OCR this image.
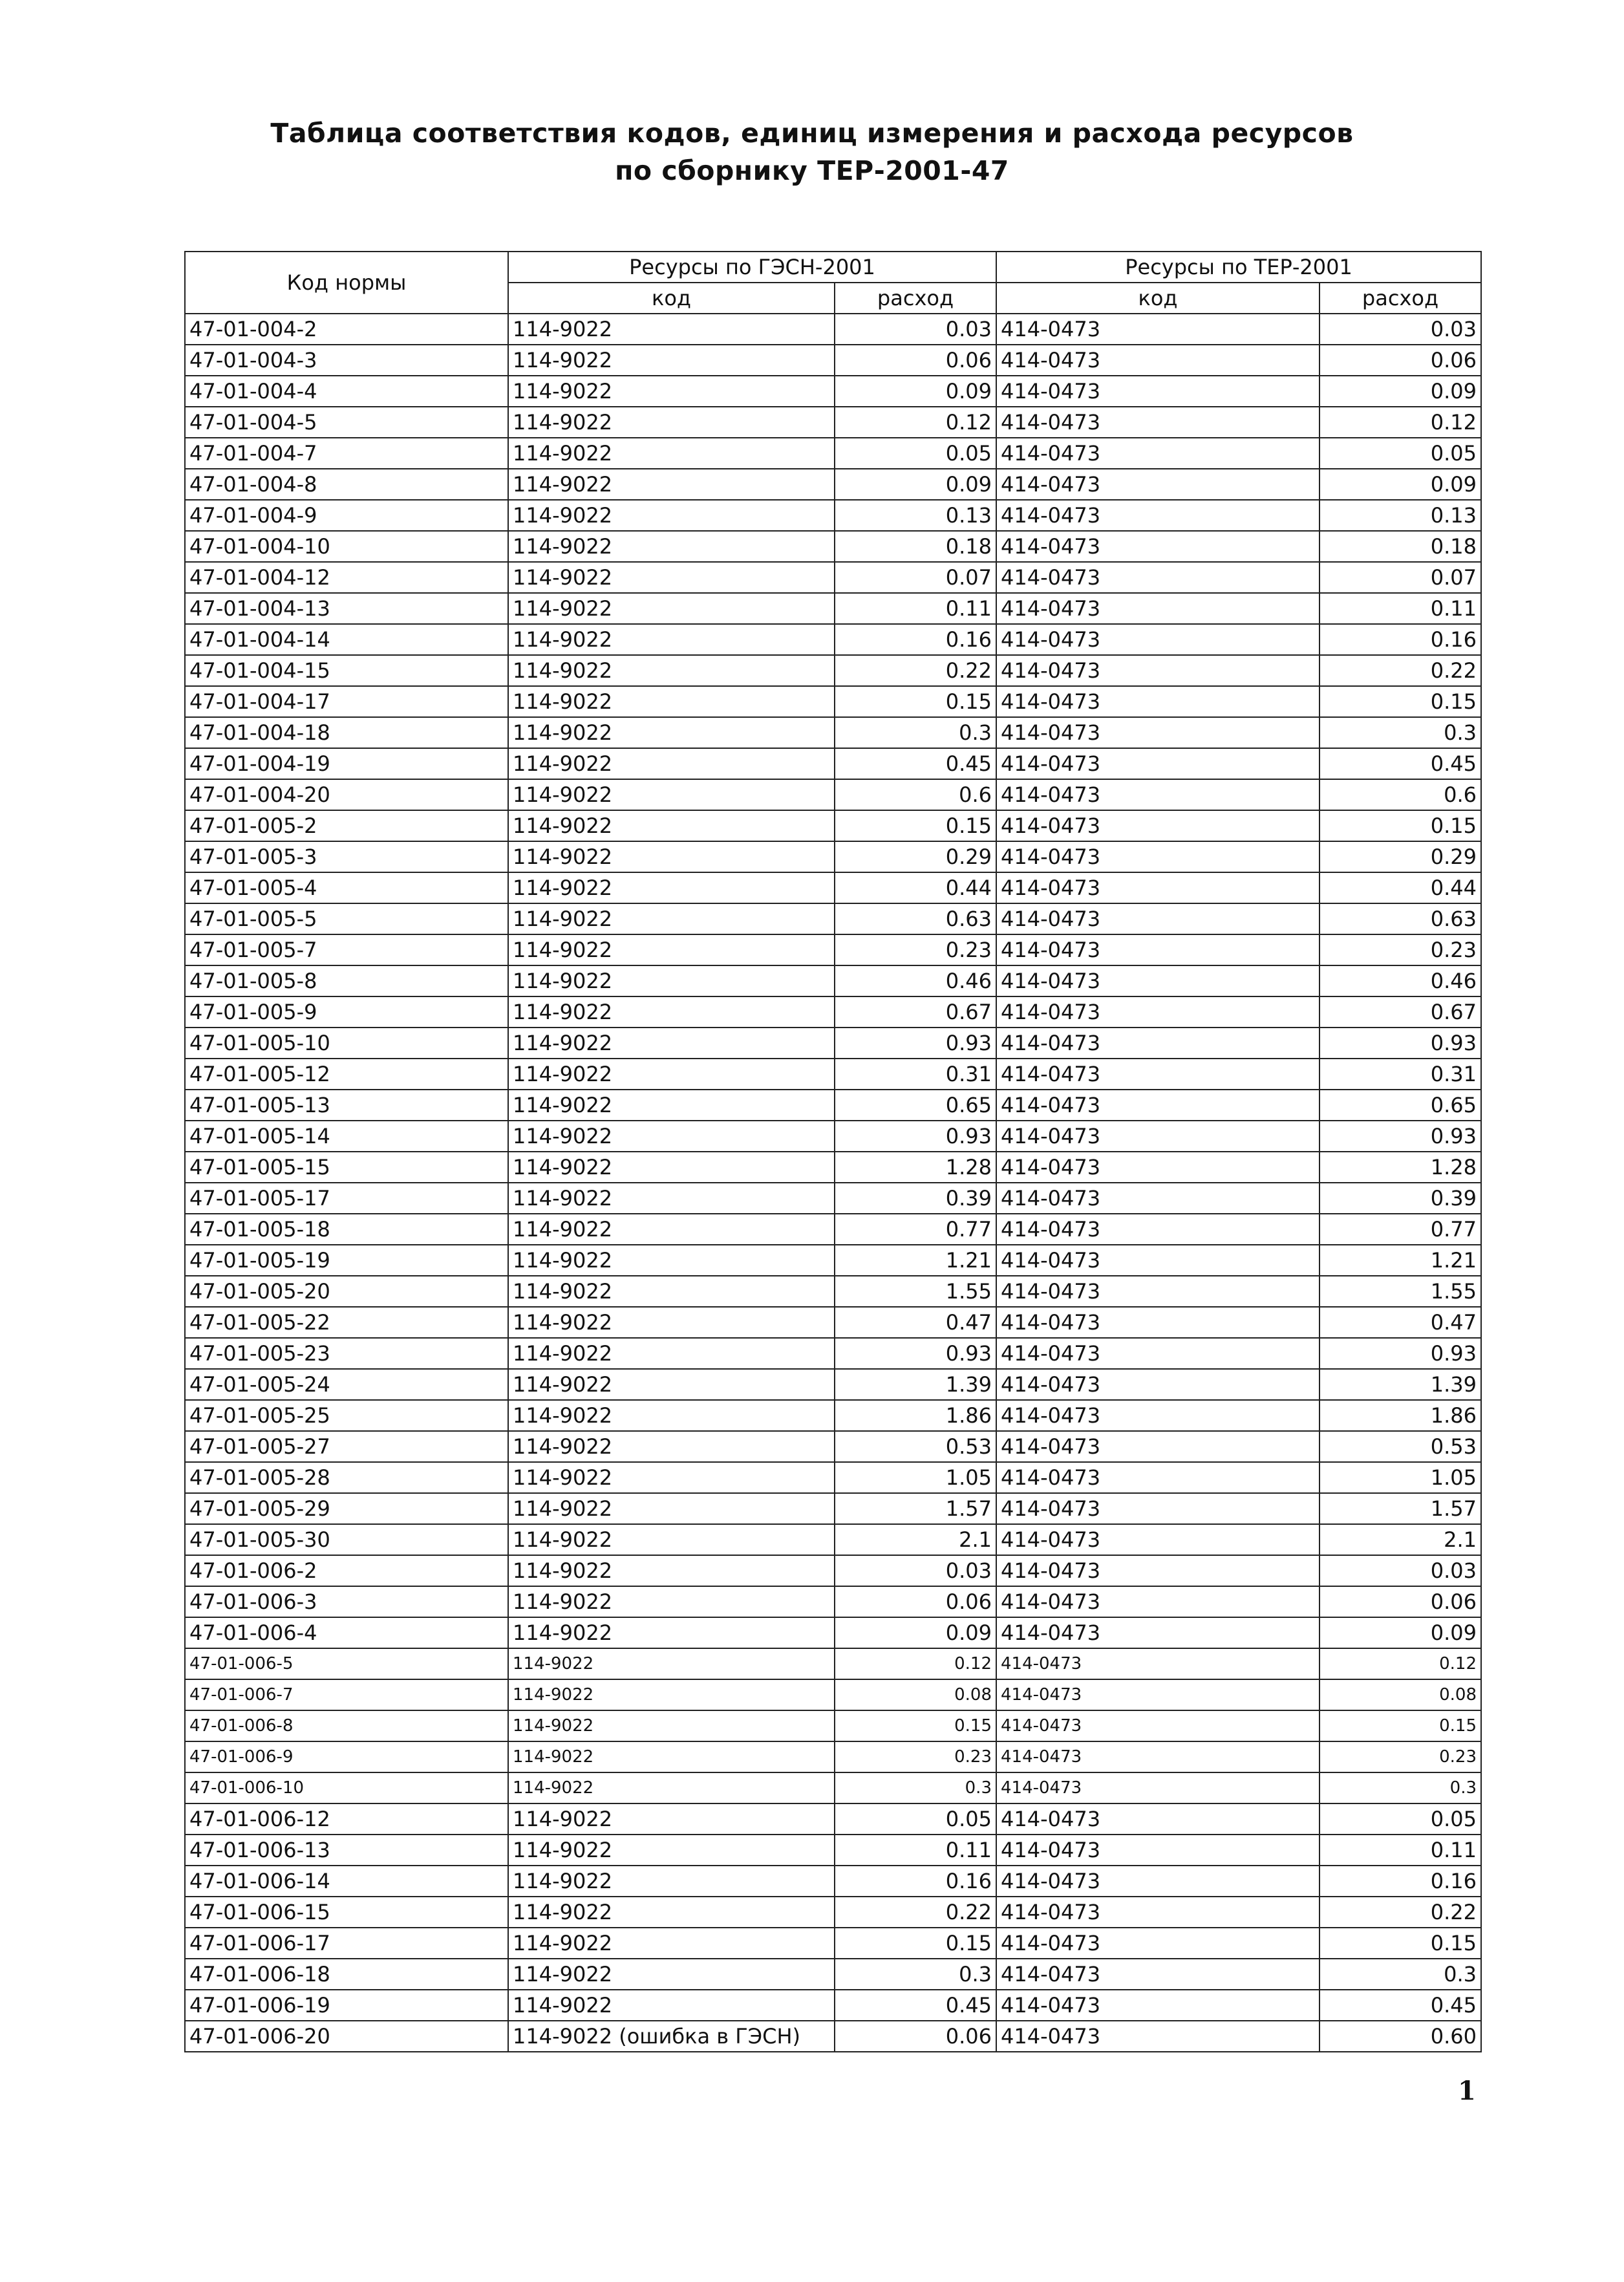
Таблица соответствия кодов, единиц измерения и расхода ресурсов
по сборнику ТЕР-2001-47
Код нормы	Ресурсы по ГЭСН-2001		Ресурсы по ТЕР-2001	
	код	расход	код	расход
47-01-004-2	114-9022	0.03	414-0473	0.03
47-01-004-3	114-9022	0.06	414-0473	0.06
47-01-004-4	114-9022	0.09	414-0473	0.09
47-01-004-5	114-9022	0.12	414-0473	0.12
47-01-004-7	114-9022	0.05	414-0473	0.05
47-01-004-8	114-9022	0.09	414-0473	0.09
47-01-004-9	114-9022	0.13	414-0473	0.13
47-01-004-10	114-9022	0.18	414-0473	0.18
47-01-004-12	114-9022	0.07	414-0473	0.07
47-01-004-13	114-9022	0.11	414-0473	0.11
47-01-004-14	114-9022	0.16	414-0473	0.16
47-01-004-15	114-9022	0.22	414-0473	0.22
47-01-004-17	114-9022	0.15	414-0473	0.15
47-01-004-18	114-9022	0.3	414-0473	0.3
47-01-004-19	114-9022	0.45	414-0473	0.45
47-01-004-20	114-9022	0.6	414-0473	0.6
47-01-005-2	114-9022	0.15	414-0473	0.15
47-01-005-3	114-9022	0.29	414-0473	0.29
47-01-005-4	114-9022	0.44	414-0473	0.44
47-01-005-5	114-9022	0.63	414-0473	0.63
47-01-005-7	114-9022	0.23	414-0473	0.23
47-01-005-8	114-9022	0.46	414-0473	0.46
47-01-005-9	114-9022	0.67	414-0473	0.67
47-01-005-10	114-9022	0.93	414-0473	0.93
47-01-005-12	114-9022	0.31	414-0473	0.31
47-01-005-13	114-9022	0.65	414-0473	0.65
47-01-005-14	114-9022	0.93	414-0473	0.93
47-01-005-15	114-9022	1.28	414-0473	1.28
47-01-005-17	114-9022	0.39	414-0473	0.39
47-01-005-18	114-9022	0.77	414-0473	0.77
47-01-005-19	114-9022	1.21	414-0473	1.21
47-01-005-20	114-9022	1.55	414-0473	1.55
47-01-005-22	114-9022	0.47	414-0473	0.47
47-01-005-23	114-9022	0.93	414-0473	0.93
47-01-005-24	114-9022	1.39	414-0473	1.39
47-01-005-25	114-9022	1.86	414-0473	1.86
47-01-005-27	114-9022	0.53	414-0473	0.53
47-01-005-28	114-9022	1.05	414-0473	1.05
47-01-005-29	114-9022	1.57	414-0473	1.57
47-01-005-30	114-9022	2.1	414-0473	2.1
47-01-006-2	114-9022	0.03	414-0473	0.03
47-01-006-3	114-9022	0.06	414-0473	0.06
47-01-006-4	114-9022	0.09	414-0473	0.09
47-01-006-5	114-9022	0.12	414-0473	0.12
47-01-006-7	114-9022	0.08	414-0473	0.08
47-01-006-8	114-9022	0.15	414-0473	0.15
47-01-006-9	114-9022	0.23	414-0473	0.23
47-01-006-10	114-9022	0.3	414-0473	0.3
47-01-006-12	114-9022	0.05	414-0473	0.05
47-01-006-13	114-9022	0.11	414-0473	0.11
47-01-006-14	114-9022	0.16	414-0473	0.16
47-01-006-15	114-9022	0.22	414-0473	0.22
47-01-006-17	114-9022	0.15	414-0473	0.15
47-01-006-18	114-9022	0.3	414-0473	0.3
47-01-006-19	114-9022	0.45	414-0473	0.45
47-01-006-20	114-9022 (ошибка в ГЭСН)	0.06	414-0473	0.60
1
